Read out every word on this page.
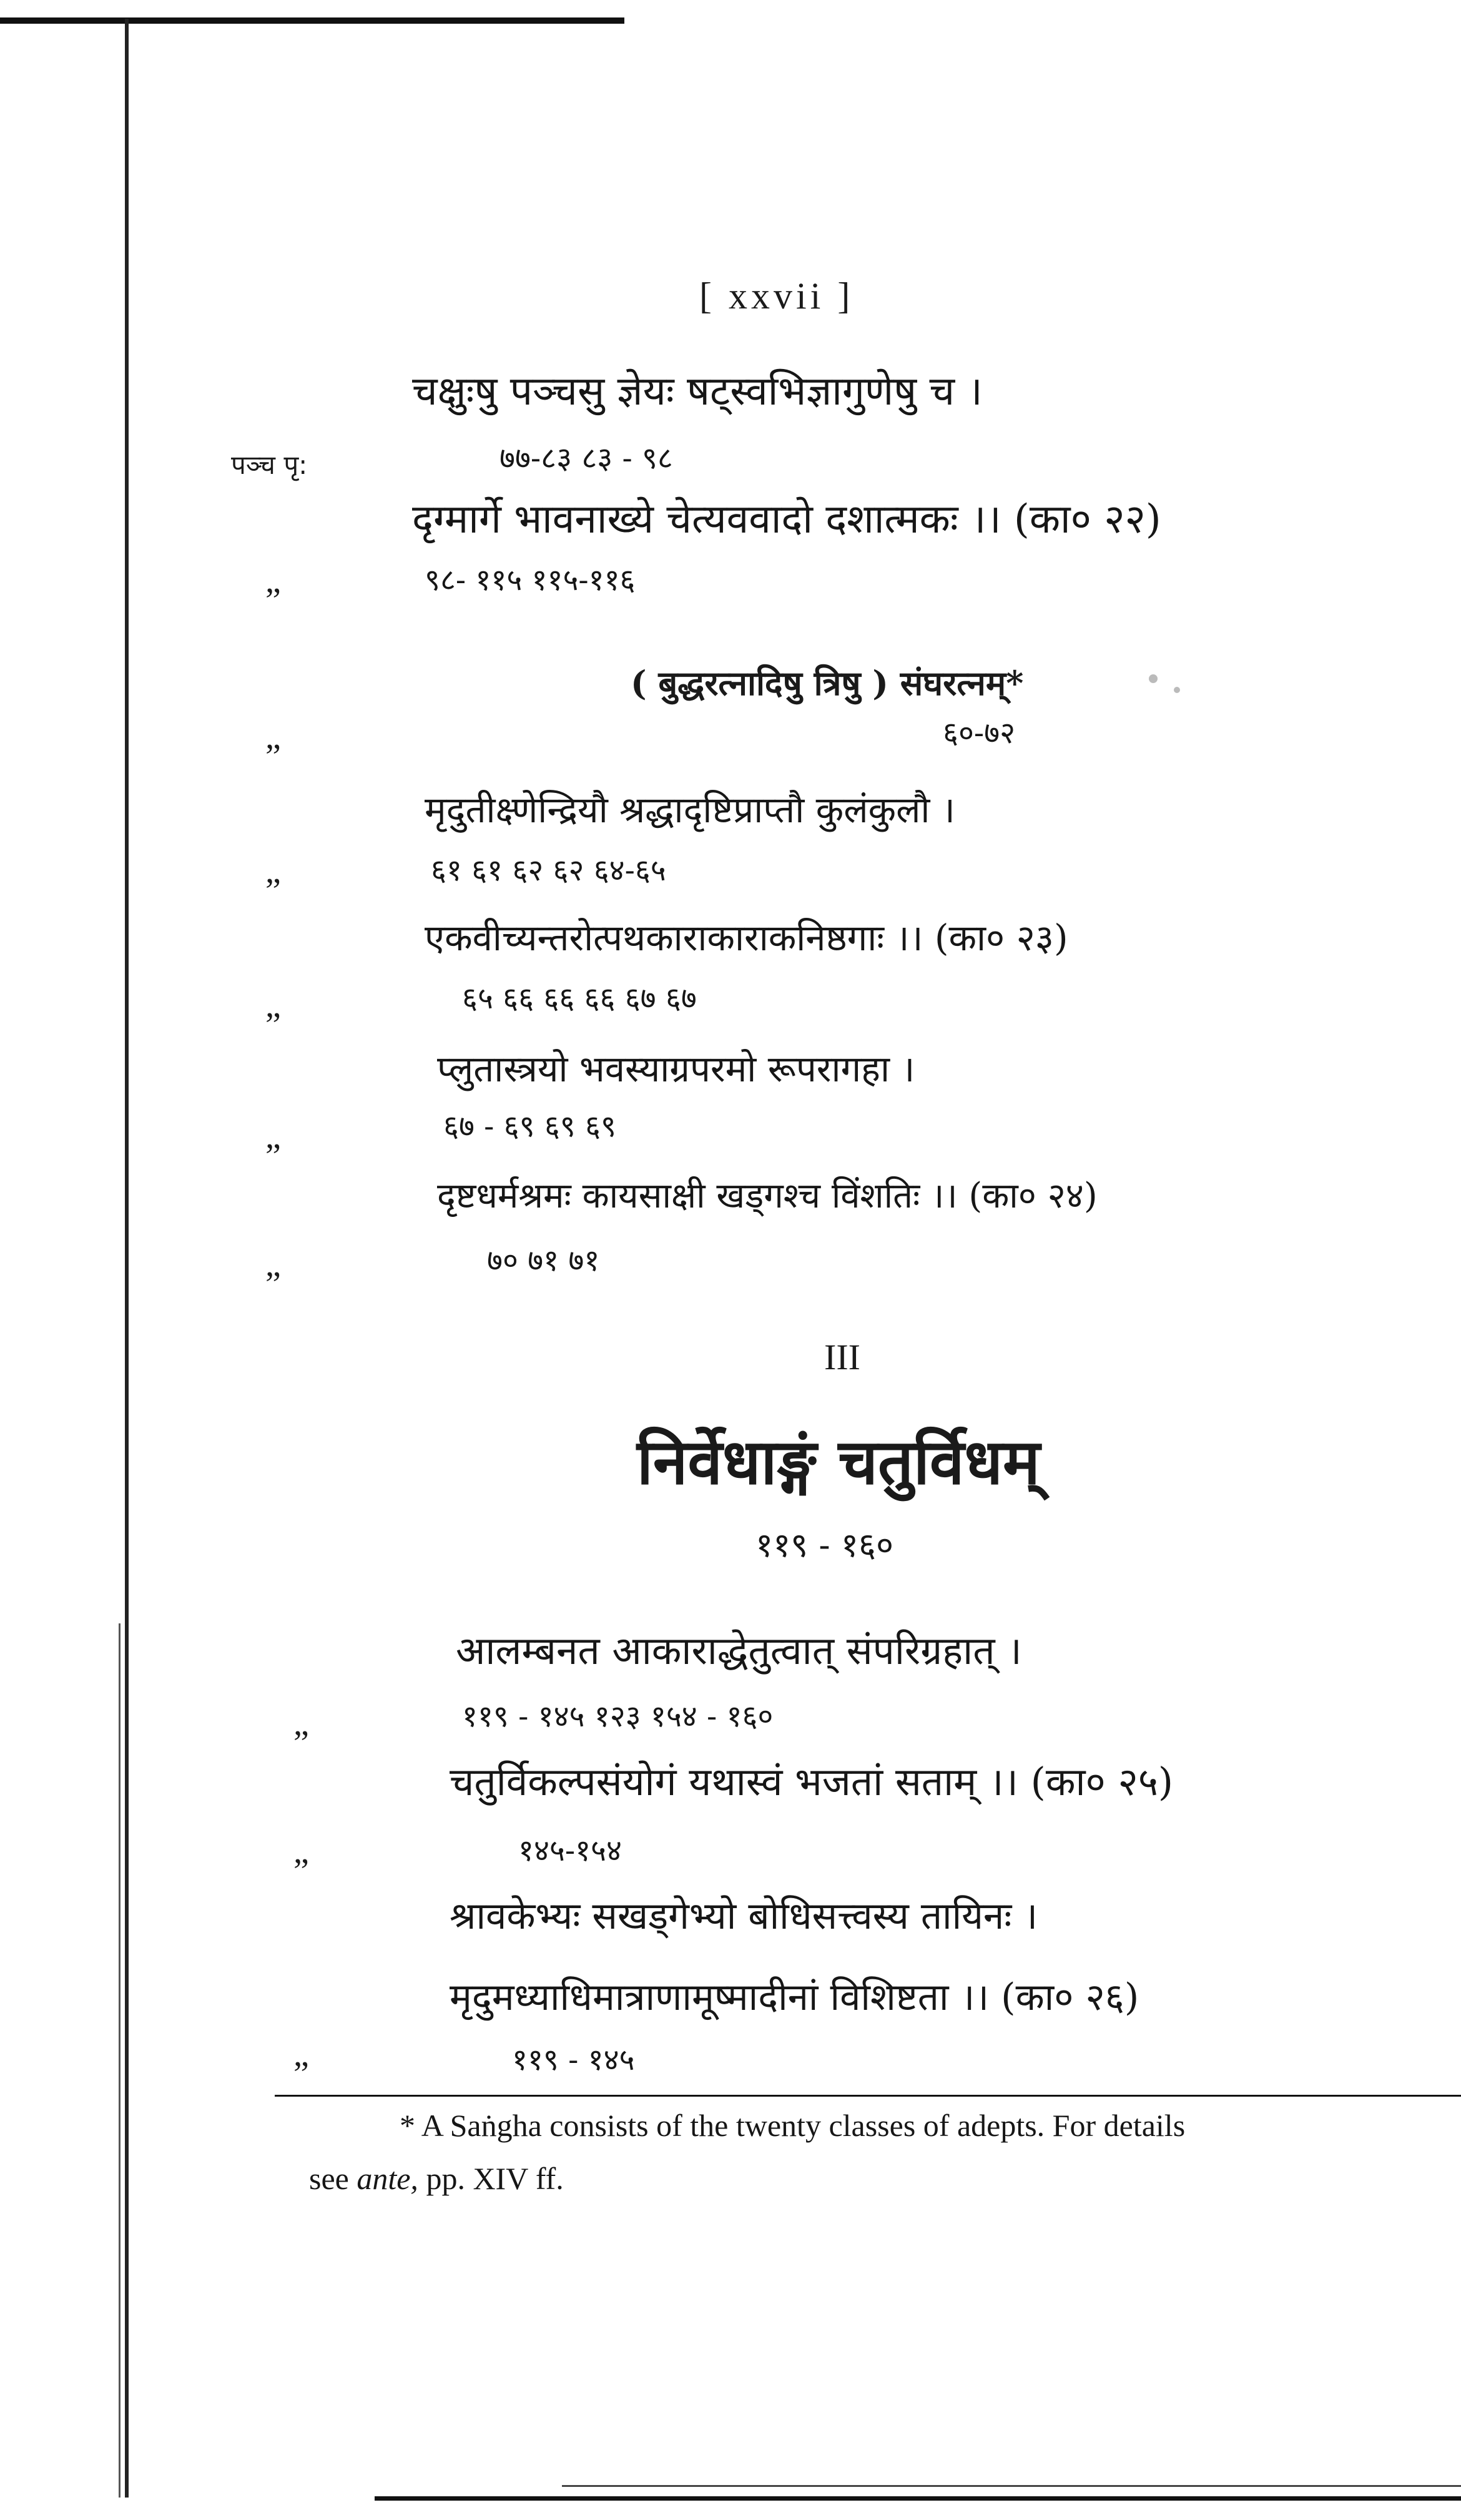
[ xxvii ]
चक्षुःषु पञ्चसु ज्ञेयः षट्स्वभिज्ञागुणेषु च ।
पञ्च पृ:	७७-८३ ८३ - ९८
दृग्मार्गे भावनाख्ये चेत्यववादो दशात्मकः ।। (का० २२)
”
९८- ११५ ११५-११६
( बुद्धरत्नादिषु त्रिषु ) संघरत्नम्*
६०-७२
”
मृदुतीक्ष्णेन्द्रियौ श्रद्धादृष्टिप्राप्तौ कुलंकुलौ ।
६१ ६१ ६२ ६२ ६४-६५
”
एकवीच्यन्तरोत्पथकाराकाराकनिष्ठगाः ।। (का० २३)
६५ ६६ ६६ ६६ ६७ ६७
”
प्लुतास्त्रयो भवस्याग्रपरमो रूपरागहा ।
६७ - ६९ ६९ ६९
”
दृष्टधर्मश्रमः कायसाक्षी खड्गश्च विंशतिः ।। (का० २४)
७० ७१ ७१
”
III
निर्वेधाङ्गं चतुर्विधम्
११९ - १६०
आलम्बनत आकाराद्धेतुत्वात् संपरिग्रहात् ।
११९ - १४५ १२३ १५४ - १६०
”
चतुर्विकल्पसंयोगं यथास्वं भजतां सताम् ।। (का० २५)
१४५-१५४
”
श्रावकेभ्यः सखड्गेभ्यो बोधिसत्त्वस्य तायिनः ।
मृदुमध्याधिमात्राणामूष्मादीनां विशिष्टता ।। (का० २६)
११९ - १४५
”
* A Saṅgha consists of the twenty classes of adepts. For details
see ante, pp. XIV ff.
